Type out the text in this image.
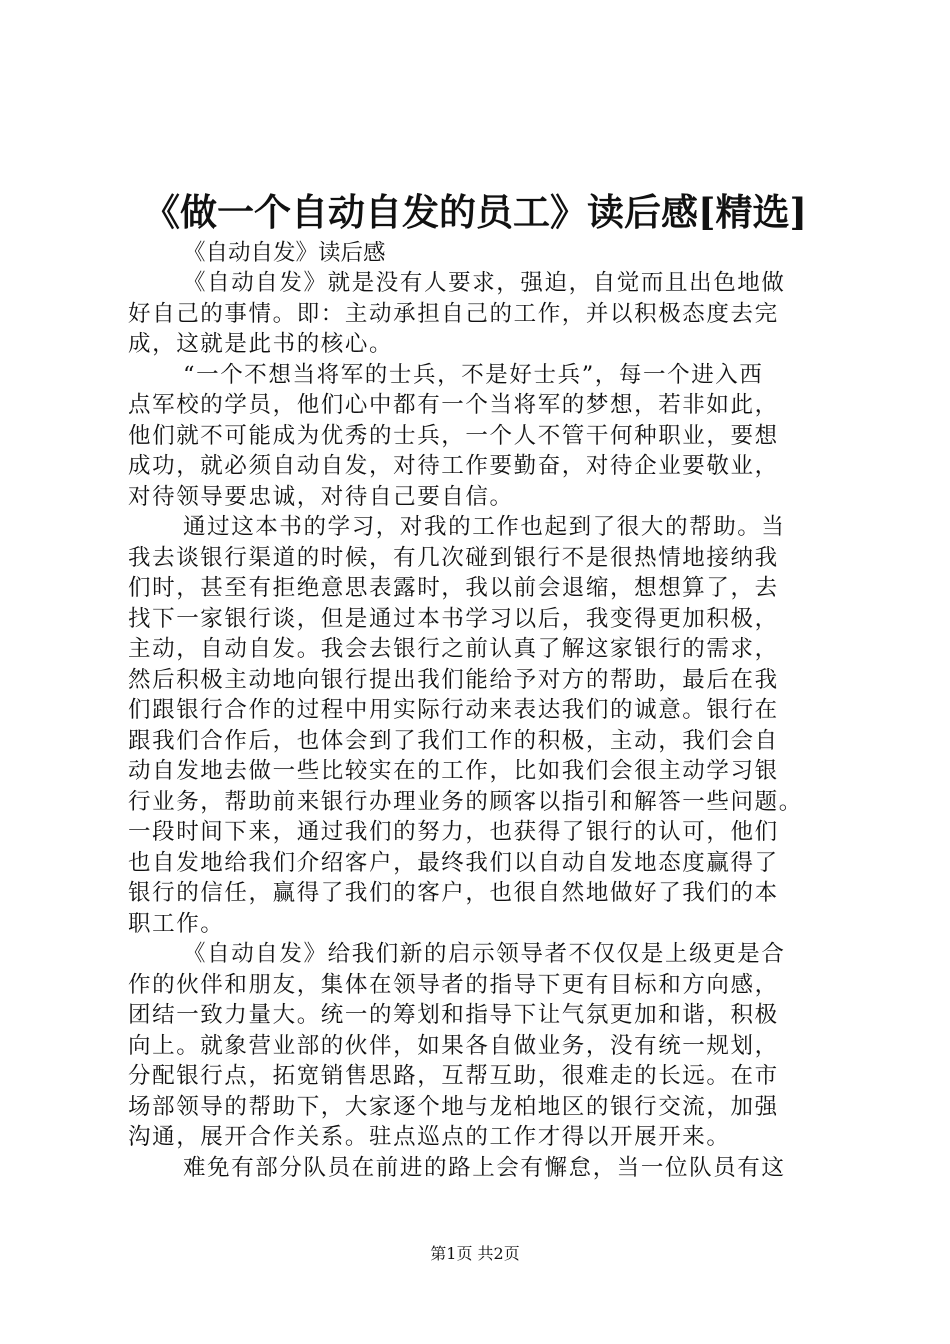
《做一个自动自发的员工》读后感[精选]
《自动自发》读后感
《自动自发》就是没有人要求，强迫，自觉而且出色地做
好自己的事情。即：主动承担自己的工作，并以积极态度去完
成，这就是此书的核心。
“一个不想当将军的士兵，不是好士兵”，每一个进入西
点军校的学员，他们心中都有一个当将军的梦想，若非如此，
他们就不可能成为优秀的士兵，一个人不管干何种职业，要想
成功，就必须自动自发，对待工作要勤奋，对待企业要敬业，
对待领导要忠诚，对待自己要自信。
通过这本书的学习，对我的工作也起到了很大的帮助。当
我去谈银行渠道的时候，有几次碰到银行不是很热情地接纳我
们时，甚至有拒绝意思表露时，我以前会退缩，想想算了，去
找下一家银行谈，但是通过本书学习以后，我变得更加积极，
主动，自动自发。我会去银行之前认真了解这家银行的需求，
然后积极主动地向银行提出我们能给予对方的帮助，最后在我
们跟银行合作的过程中用实际行动来表达我们的诚意。银行在
跟我们合作后，也体会到了我们工作的积极，主动，我们会自
动自发地去做一些比较实在的工作，比如我们会很主动学习银
行业务，帮助前来银行办理业务的顾客以指引和解答一些问题。
一段时间下来，通过我们的努力，也获得了银行的认可，他们
也自发地给我们介绍客户，最终我们以自动自发地态度赢得了
银行的信任，赢得了我们的客户，也很自然地做好了我们的本
职工作。
《自动自发》给我们新的启示领导者不仅仅是上级更是合
作的伙伴和朋友，集体在领导者的指导下更有目标和方向感，
团结一致力量大。统一的筹划和指导下让气氛更加和谐，积极
向上。就象营业部的伙伴，如果各自做业务，没有统一规划，
分配银行点，拓宽销售思路，互帮互助，很难走的长远。在市
场部领导的帮助下，大家逐个地与龙柏地区的银行交流，加强
沟通，展开合作关系。驻点巡点的工作才得以开展开来。
难免有部分队员在前进的路上会有懈怠，当一位队员有这
第1页 共2页
